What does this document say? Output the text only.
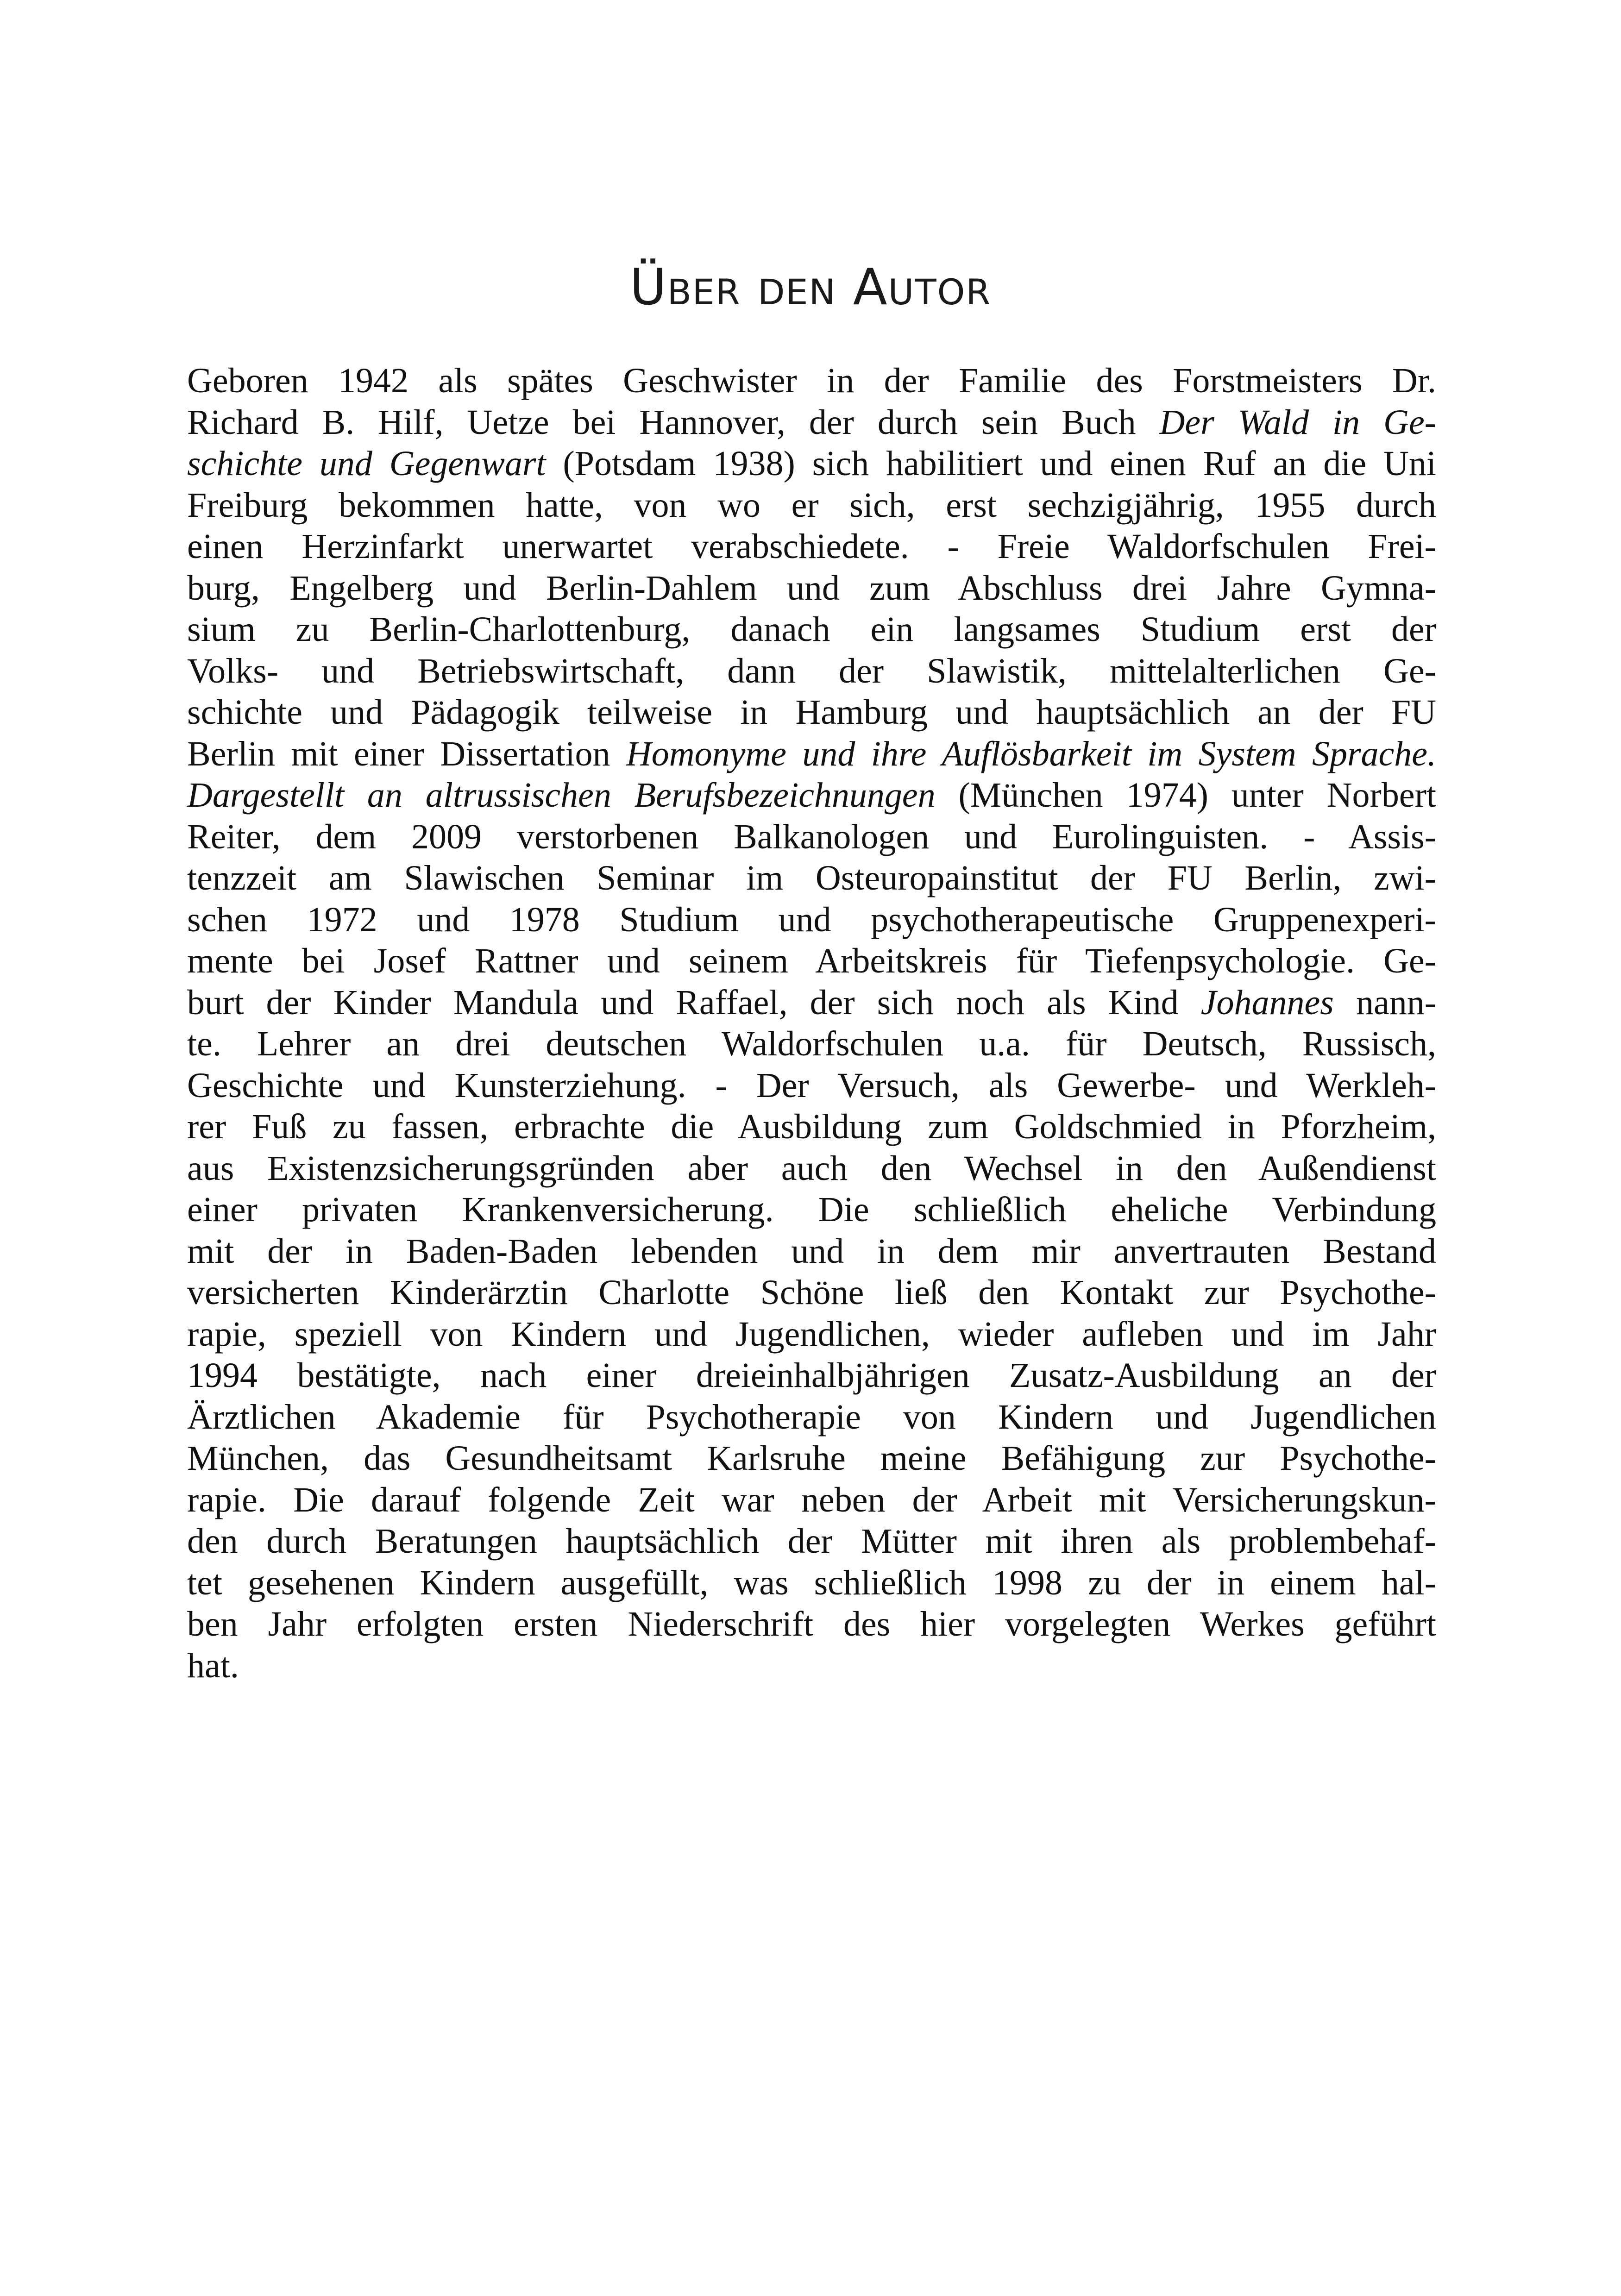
Über den Autor
Geboren 1942 als spätes Geschwister in der Familie des Forstmeisters Dr.
Richard B. Hilf, Uetze bei Hannover, der durch sein Buch Der Wald in Ge-
schichte und Gegenwart (Potsdam 1938) sich habilitiert und einen Ruf an die Uni
Freiburg bekommen hatte, von wo er sich, erst sechzigjährig, 1955 durch
einen Herzinfarkt unerwartet verabschiedete. - Freie Waldorfschulen Frei-
burg, Engelberg und Berlin-Dahlem und zum Abschluss drei Jahre Gymna-
sium zu Berlin-Charlottenburg, danach ein langsames Studium erst der
Volks- und Betriebswirtschaft, dann der Slawistik, mittelalterlichen Ge-
schichte und Pädagogik teilweise in Hamburg und hauptsächlich an der FU
Berlin mit einer Dissertation Homonyme und ihre Auflösbarkeit im System Sprache.
Dargestellt an altrussischen Berufsbezeichnungen (München 1974) unter Norbert
Reiter, dem 2009 verstorbenen Balkanologen und Eurolinguisten. - Assis-
tenzzeit am Slawischen Seminar im Osteuropainstitut der FU Berlin, zwi-
schen 1972 und 1978 Studium und psychotherapeutische Gruppenexperi-
mente bei Josef Rattner und seinem Arbeitskreis für Tiefenpsychologie. Ge-
burt der Kinder Mandula und Raffael, der sich noch als Kind Johannes nann-
te. Lehrer an drei deutschen Waldorfschulen u.a. für Deutsch, Russisch,
Geschichte und Kunsterziehung. - Der Versuch, als Gewerbe- und Werkleh-
rer Fuß zu fassen, erbrachte die Ausbildung zum Goldschmied in Pforzheim,
aus Existenzsicherungsgründen aber auch den Wechsel in den Außendienst
einer privaten Krankenversicherung. Die schließlich eheliche Verbindung
mit der in Baden-Baden lebenden und in dem mir anvertrauten Bestand
versicherten Kinderärztin Charlotte Schöne ließ den Kontakt zur Psychothe-
rapie, speziell von Kindern und Jugendlichen, wieder aufleben und im Jahr
1994 bestätigte, nach einer dreieinhalbjährigen Zusatz-Ausbildung an der
Ärztlichen Akademie für Psychotherapie von Kindern und Jugendlichen
München, das Gesundheitsamt Karlsruhe meine Befähigung zur Psychothe-
rapie. Die darauf folgende Zeit war neben der Arbeit mit Versicherungskun-
den durch Beratungen hauptsächlich der Mütter mit ihren als problembehaf-
tet gesehenen Kindern ausgefüllt, was schließlich 1998 zu der in einem hal-
ben Jahr erfolgten ersten Niederschrift des hier vorgelegten Werkes geführt
hat.
